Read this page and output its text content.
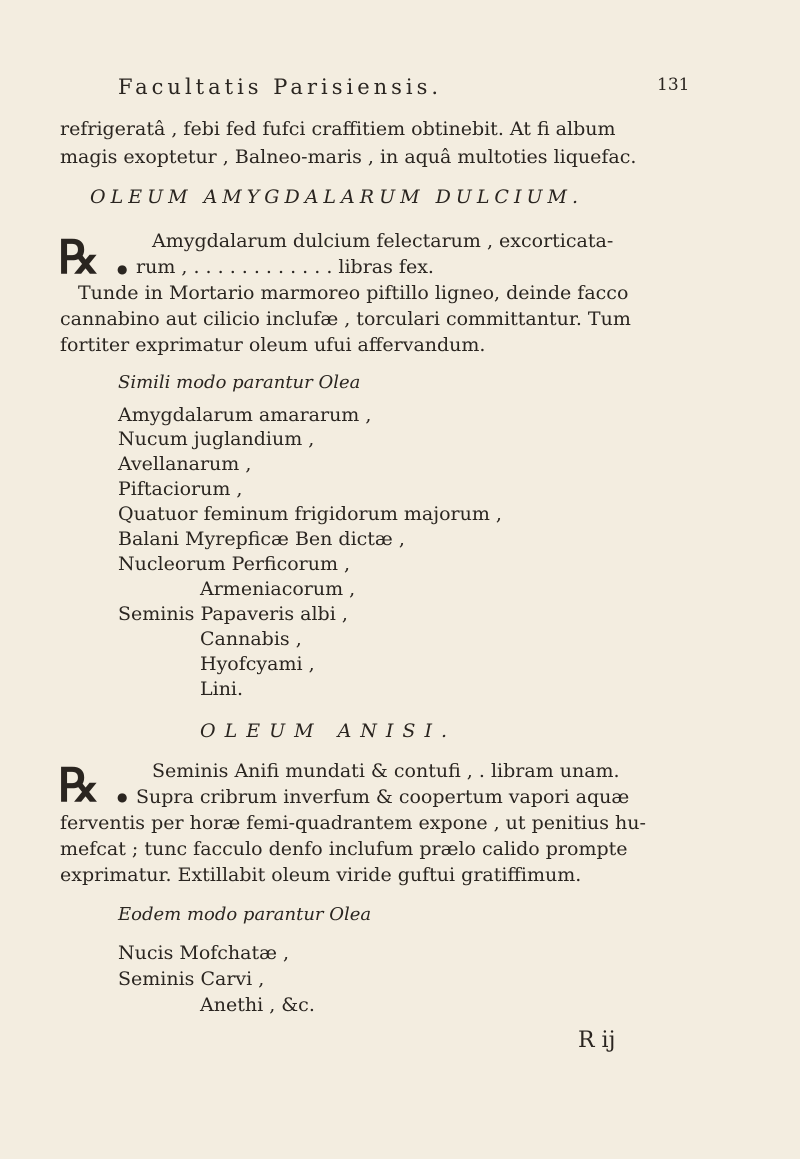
Facultatis Parisiensis.	131
refrigeratâ , febi fed fufci craffitiem obtinebit. At fi album
magis exoptetur , Balneo-maris , in aquâ multoties liquefac.
OLEUM AMYGDALARUM DULCIUM.
℞ ●
Amygdalarum dulcium felectarum , excorticata-
rum , . . . . . . . . . . . . libras fex.
Tunde in Mortario marmoreo piftillo ligneo, deinde facco
cannabino aut cilicio inclufæ , torculari committantur. Tum
fortiter exprimatur oleum ufui affervandum.
Simili modo parantur Olea
Amygdalarum amararum ,
Nucum juglandium ,
Avellanarum ,
Piftaciorum ,
Quatuor feminum frigidorum majorum ,
Balani Myrepficæ Ben dictæ ,
Nucleorum Perficorum ,
Armeniacorum ,
Seminis Papaveris albi ,
Cannabis ,
Hyofcyami ,
Lini.
OLEUM ANISI.
℞ ●
Seminis Anifi mundati & contufi , . libram unam.
Supra cribrum inverfum & coopertum vapori aquæ
ferventis per horæ femi-quadrantem expone , ut penitius hu-
mefcat ; tunc facculo denfo inclufum prælo calido prompte
exprimatur. Extillabit oleum viride guftui gratiffimum.
Eodem modo parantur Olea
Nucis Mofchatæ ,
Seminis Carvi ,
Anethi , &c.
R ij
